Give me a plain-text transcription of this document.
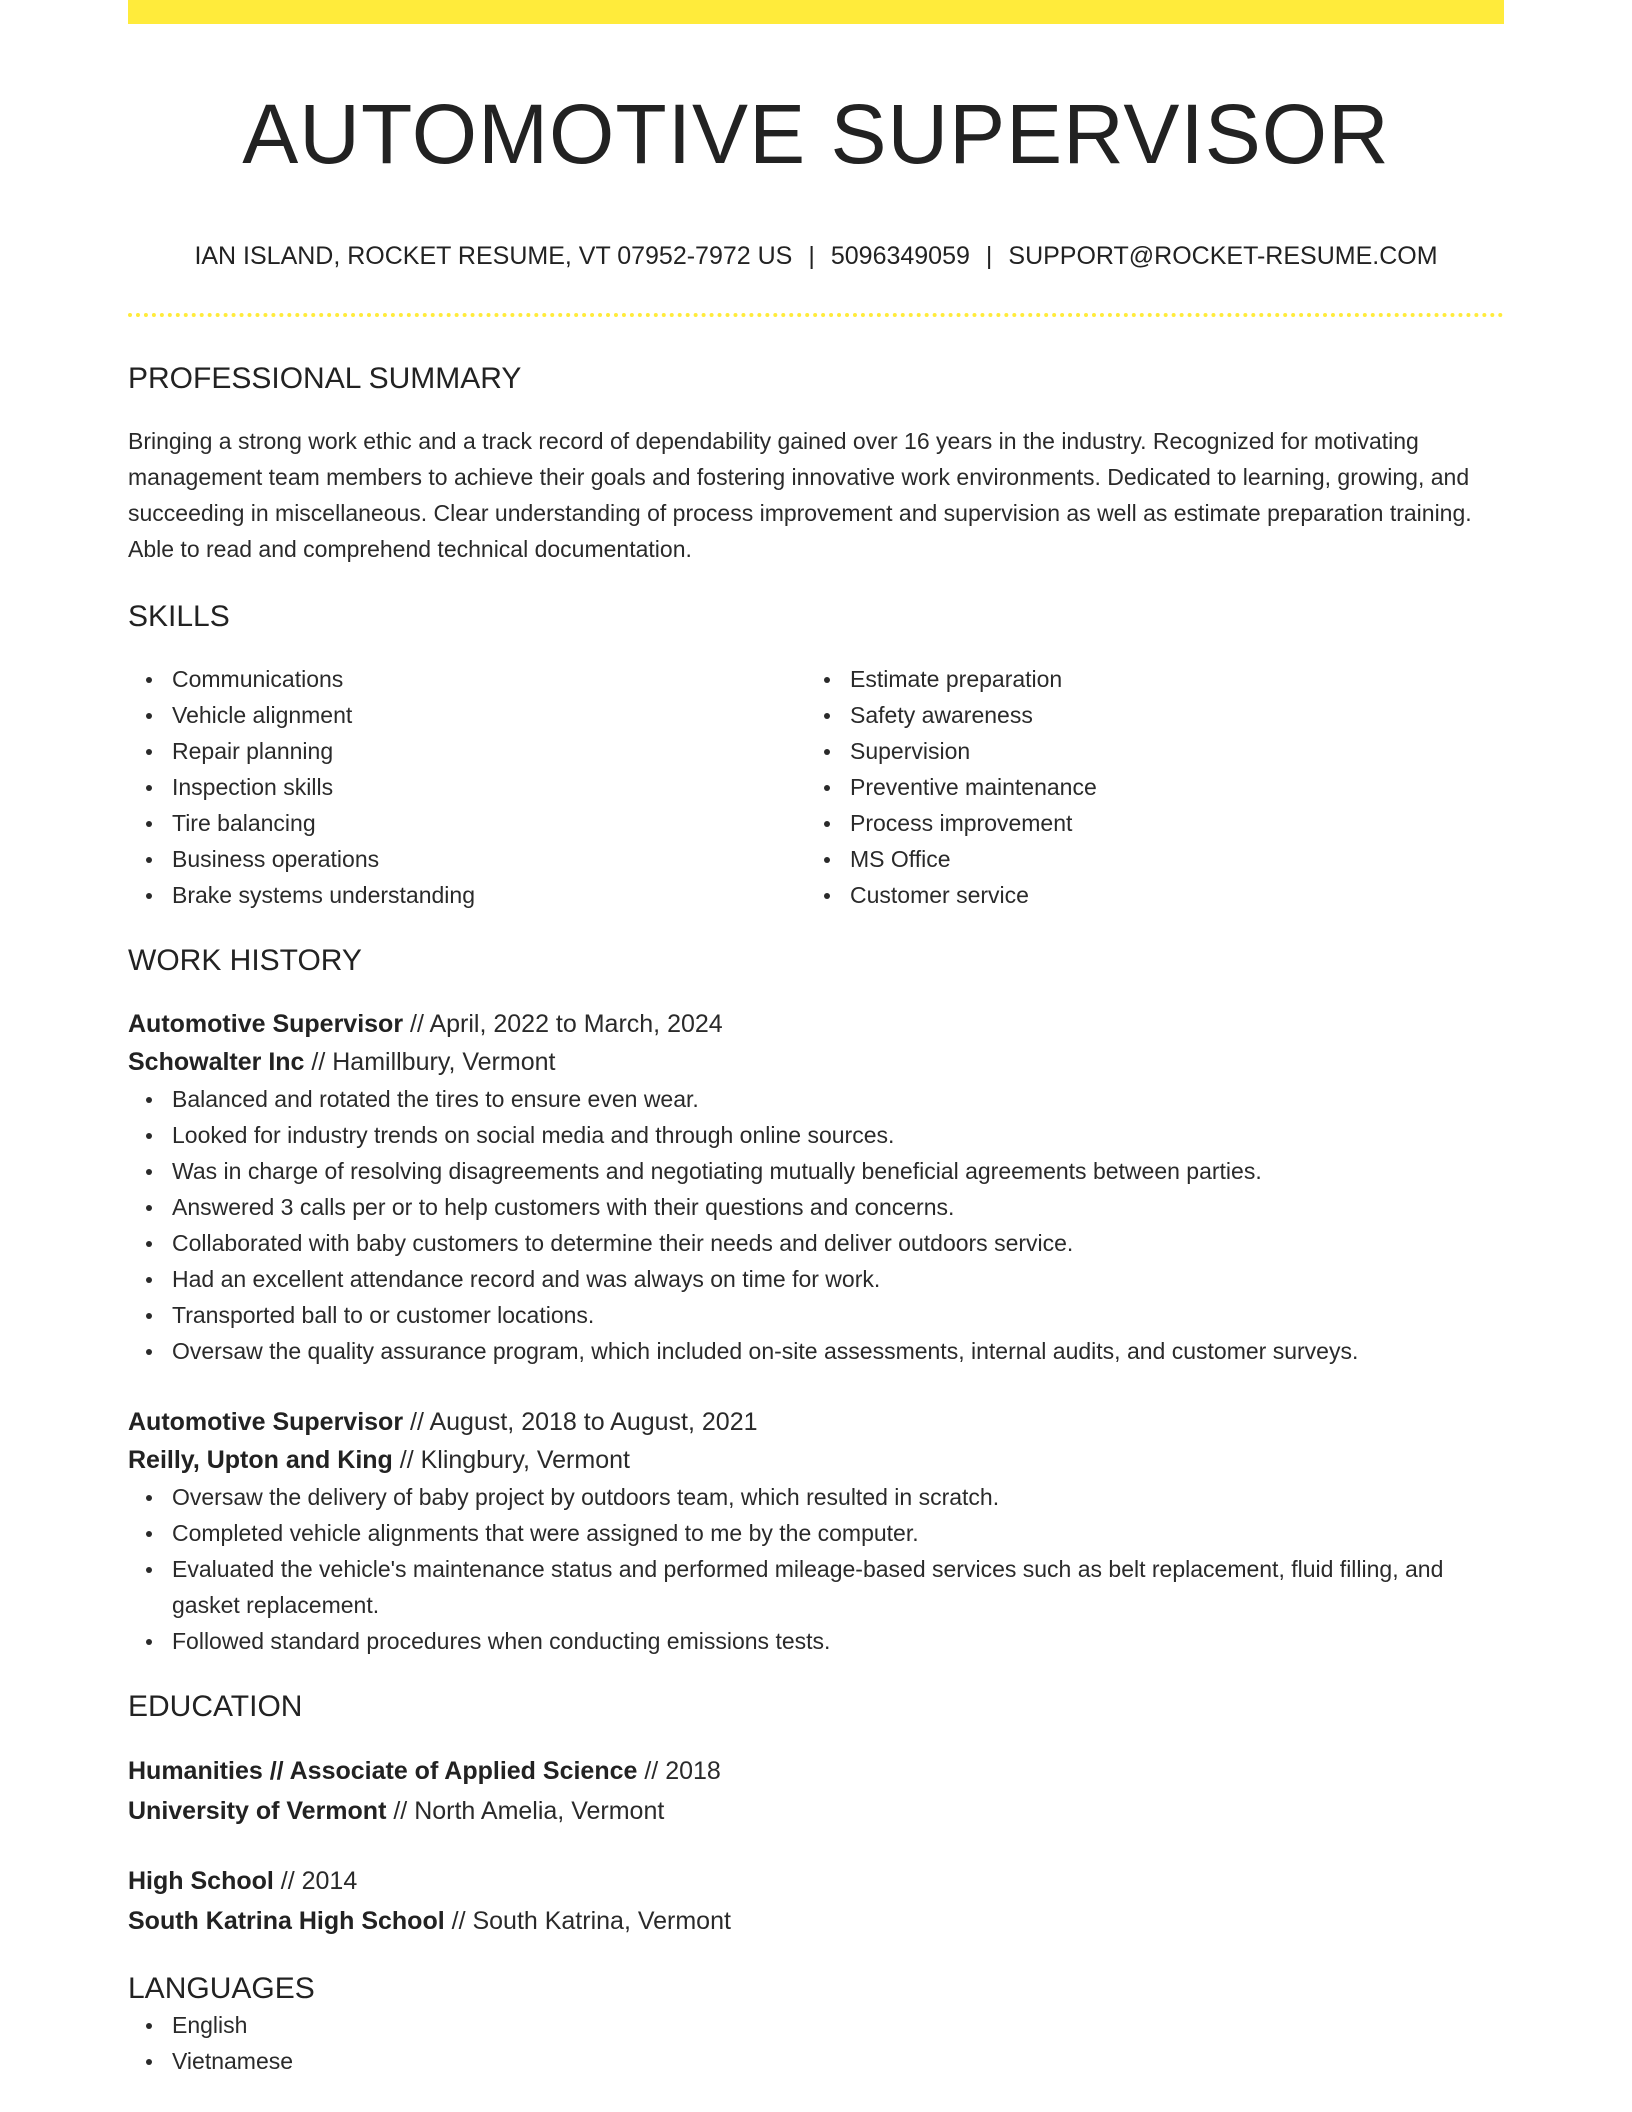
AUTOMOTIVE SUPERVISOR
IAN ISLAND, ROCKET RESUME, VT 07952-7972 US | 5096349059 | SUPPORT@ROCKET-RESUME.COM
PROFESSIONAL SUMMARY
Bringing a strong work ethic and a track record of dependability gained over 16 years in the industry. Recognized for motivating management team members to achieve their goals and fostering innovative work environments. Dedicated to learning, growing, and succeeding in miscellaneous. Clear understanding of process improvement and supervision as well as estimate preparation training. Able to read and comprehend technical documentation.
SKILLS
Communications
Vehicle alignment
Repair planning
Inspection skills
Tire balancing
Business operations
Brake systems understanding
Estimate preparation
Safety awareness
Supervision
Preventive maintenance
Process improvement
MS Office
Customer service
WORK HISTORY
Automotive Supervisor // April, 2022 to March, 2024
Schowalter Inc // Hamillbury, Vermont
Balanced and rotated the tires to ensure even wear.
Looked for industry trends on social media and through online sources.
Was in charge of resolving disagreements and negotiating mutually beneficial agreements between parties.
Answered 3 calls per or to help customers with their questions and concerns.
Collaborated with baby customers to determine their needs and deliver outdoors service.
Had an excellent attendance record and was always on time for work.
Transported ball to or customer locations.
Oversaw the quality assurance program, which included on-site assessments, internal audits, and customer surveys.
Automotive Supervisor // August, 2018 to August, 2021
Reilly, Upton and King // Klingbury, Vermont
Oversaw the delivery of baby project by outdoors team, which resulted in scratch.
Completed vehicle alignments that were assigned to me by the computer.
Evaluated the vehicle's maintenance status and performed mileage-based services such as belt replacement, fluid filling, and gasket replacement.
Followed standard procedures when conducting emissions tests.
EDUCATION
Humanities // Associate of Applied Science // 2018
University of Vermont // North Amelia, Vermont
High School // 2014
South Katrina High School // South Katrina, Vermont
LANGUAGES
English
Vietnamese
